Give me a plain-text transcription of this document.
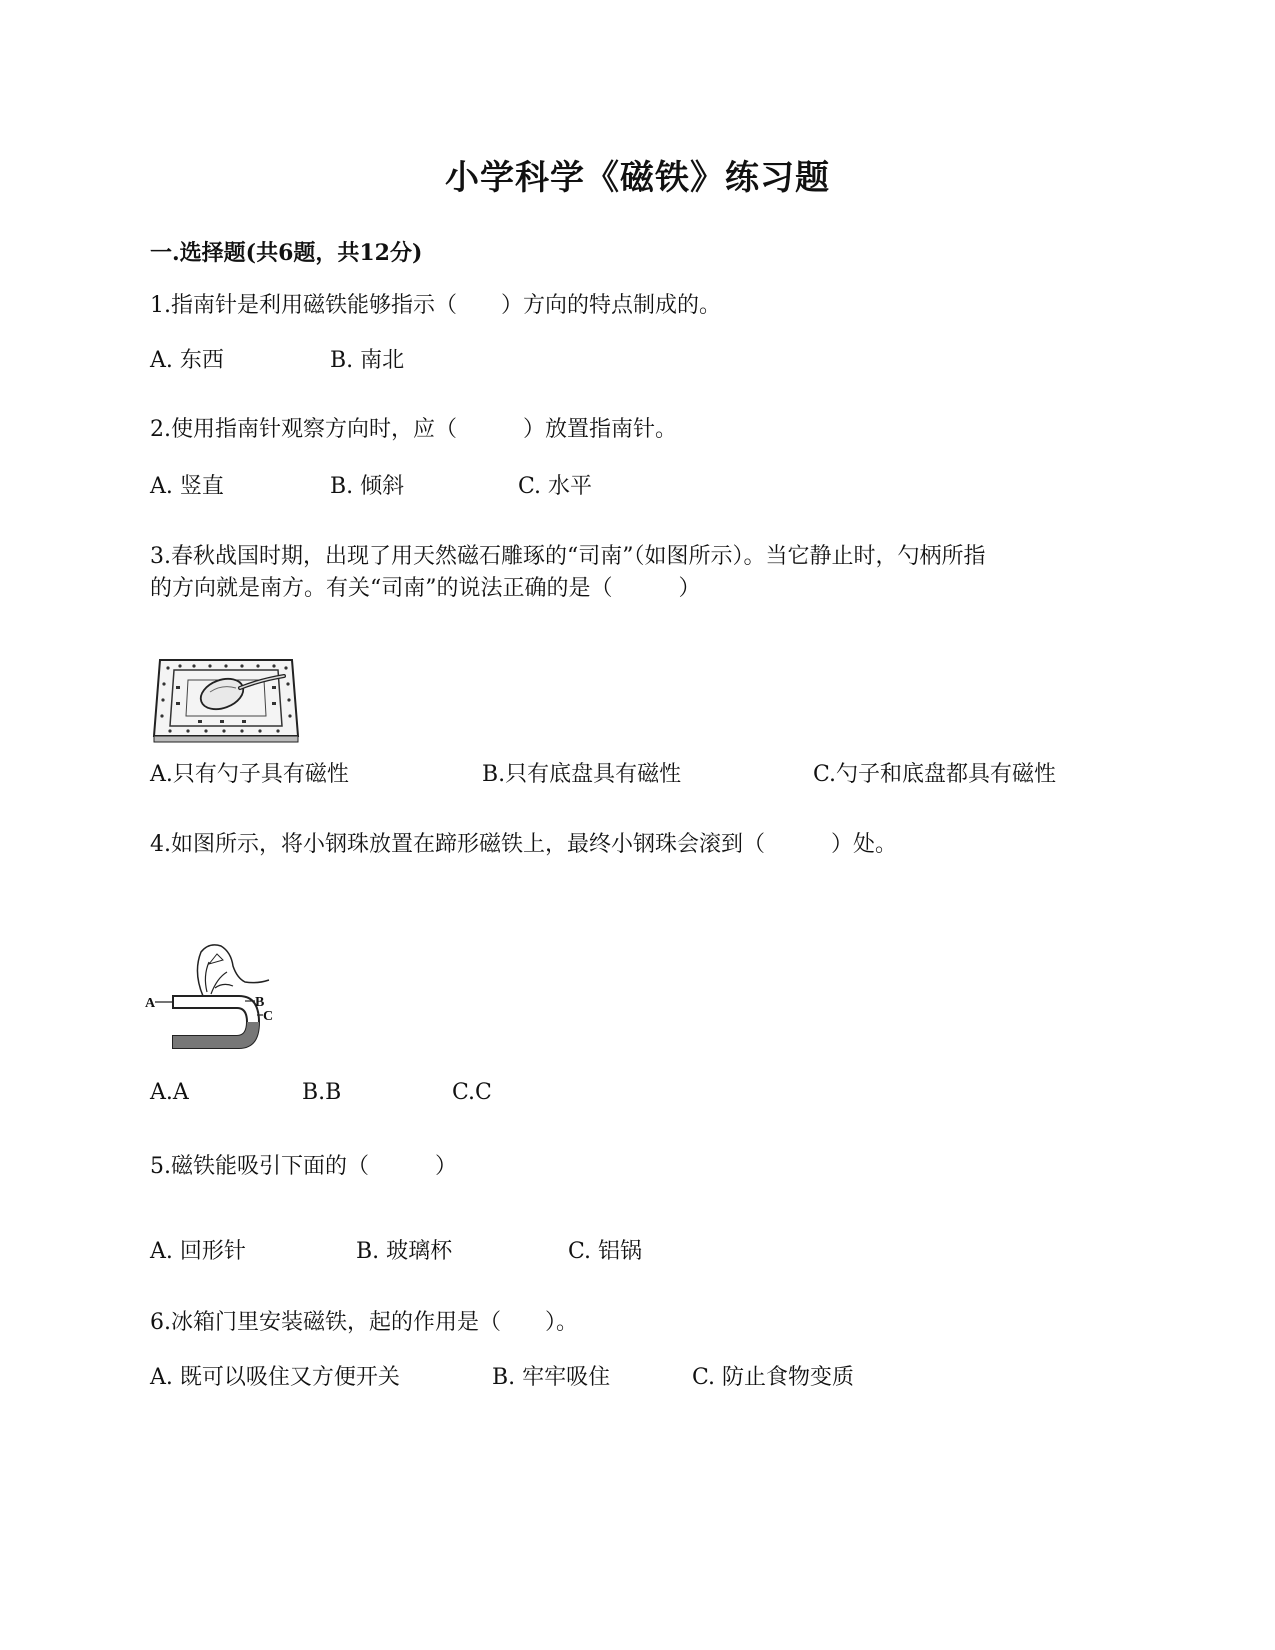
小学科学《磁铁》练习题
一.选择题(共6题，共12分)
1.指南针是利用磁铁能够指示（　　）方向的特点制成的。
A. 东西	B. 南北
2.使用指南针观察方向时，应（　　　）放置指南针。
A. 竖直	B. 倾斜	C. 水平
3.春秋战国时期，出现了用天然磁石雕琢的“司南”（如图所示）。当它静止时，勺柄所指
的方向就是南方。有关“司南”的说法正确的是（　　　）
A.只有勺子具有磁性	B.只有底盘具有磁性	C.勺子和底盘都具有磁性
4.如图所示，将小钢珠放置在蹄形磁铁上，最终小钢珠会滚到（　　　）处。
A	B
C
A.A	B.B	C.C
5.磁铁能吸引下面的（　　　）
A. 回形针	B. 玻璃杯	C. 铝锅
6.冰箱门里安装磁铁，起的作用是（　　）。
A. 既可以吸住又方便开关	B. 牢牢吸住	C. 防止食物变质
